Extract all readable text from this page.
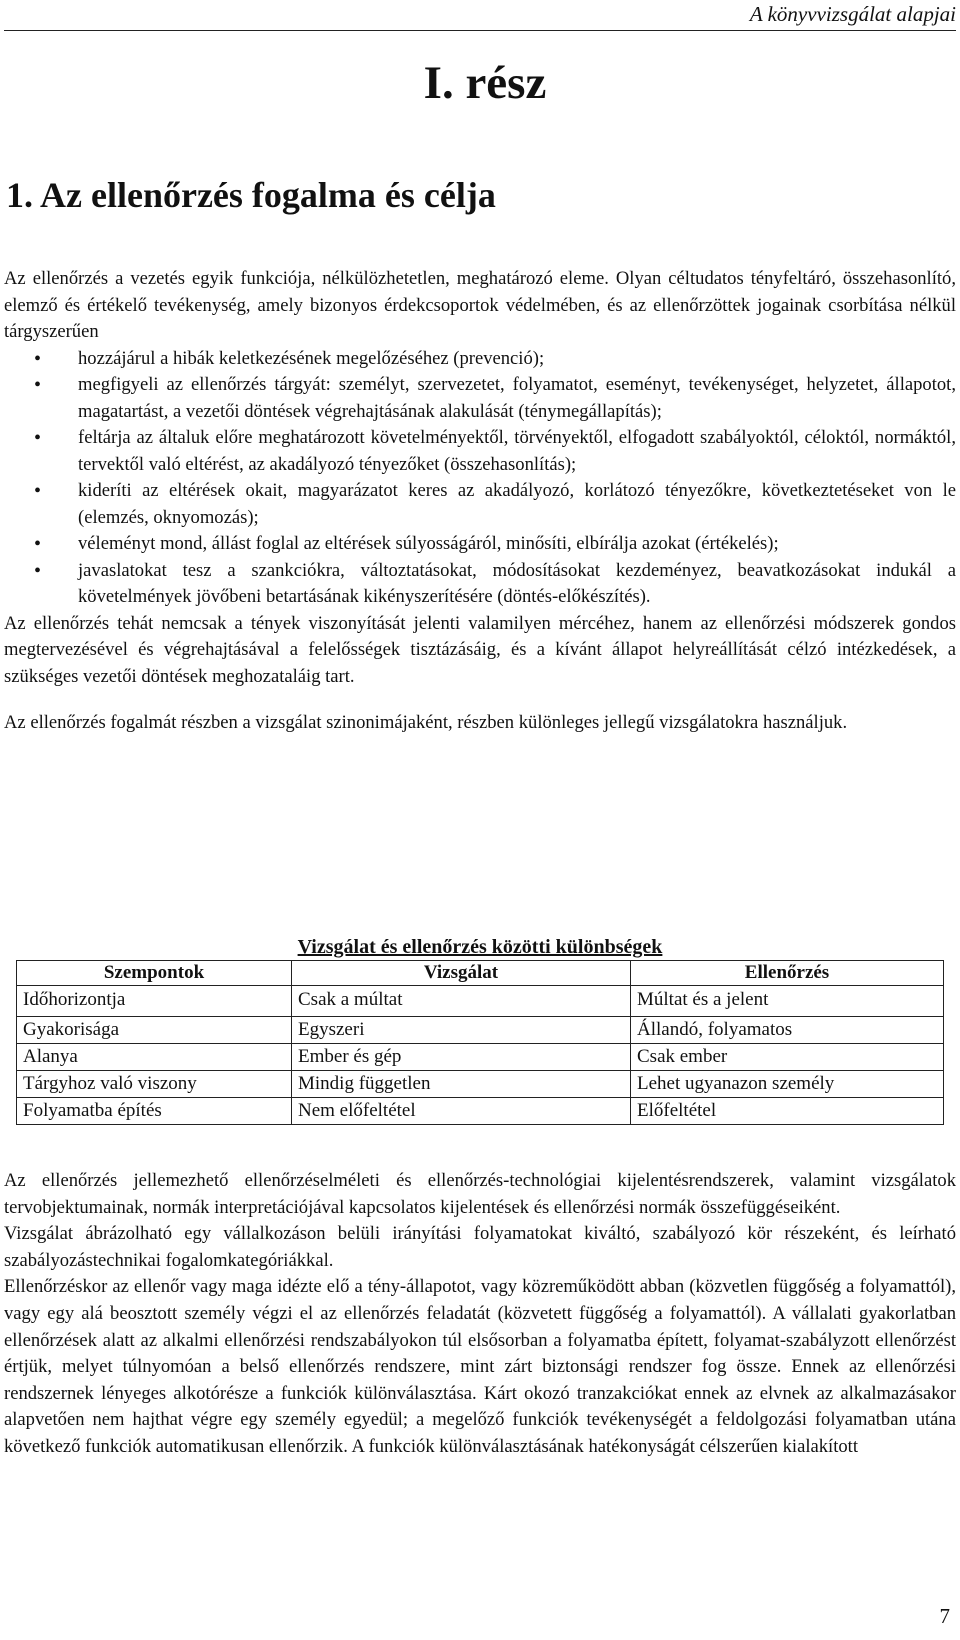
A könyvvizsgálat alapjai
I. rész
1. Az ellenőrzés fogalma és célja

Az ellenőrzés a vezetés egyik funkciója, nélkülözhetetlen, meghatározó eleme. Olyan céltudatos tényfeltáró, összehasonlító, elemző és értékelő tevékenység, amely bizonyos érdekcsoportok védelmében, és az ellenőrzöttek jogainak csorbítása nélkül tárgyszerűen

• hozzájárul a hibák keletkezésének megelőzéséhez (prevenció);
• megfigyeli az ellenőrzés tárgyát: személyt, szervezetet, folyamatot, eseményt, tevékenységet, helyzetet, állapotot, magatartást, a vezetői döntések végrehajtásának alakulását (ténymegállapítás);
• feltárja az általuk előre meghatározott követelményektől, törvényektől, elfogadott szabályoktól, céloktól, normáktól, tervektől való eltérést, az akadályozó tényezőket (összehasonlítás);
• kideríti az eltérések okait, magyarázatot keres az akadályozó, korlátozó tényezőkre, következtetéseket von le (elemzés, oknyomozás);
• véleményt mond, állást foglal az eltérések súlyosságáról, minősíti, elbírálja azokat (értékelés);
• javaslatokat tesz a szankciókra, változtatásokat, módosításokat kezdeményez, beavatkozásokat indukál a követelmények jövőbeni betartásának kikényszerítésére (döntés-előkészítés).

Az ellenőrzés tehát nemcsak a tények viszonyítását jelenti valamilyen mércéhez, hanem az ellenőrzési módszerek gondos megtervezésével és végrehajtásával a felelősségek tisztázásáig, és a kívánt állapot helyreállítását célzó intézkedések, a szükséges vezetői döntések meghozataláig tart.

Az ellenőrzés fogalmát részben a vizsgálat szinonimájaként, részben különleges jellegű vizsgálatokra használjuk.

Vizsgálat és ellenőrzés közötti különbségek
Szempontok	Vizsgálat	Ellenőrzés
Időhorizontja	Csak a múltat	Múltat és a jelent
Gyakorisága	Egyszeri	Állandó, folyamatos
Alanya	Ember és gép	Csak ember
Tárgyhoz való viszony	Mindig független	Lehet ugyanazon személy
Folyamatba építés	Nem előfeltétel	Előfeltétel

Az ellenőrzés jellemezhető ellenőrzéselméleti és ellenőrzés-technológiai kijelentésrendszerek, valamint vizsgálatok tervobjektumainak, normák interpretációjával kapcsolatos kijelentések és ellenőrzési normák összefüggéseiként.

Vizsgálat ábrázolható egy vállalkozáson belüli irányítási folyamatokat kiváltó, szabályozó kör részeként, és leírható szabályozástechnikai fogalomkategóriákkal.

Ellenőrzéskor az ellenőr vagy maga idézte elő a tény-állapotot, vagy közreműködött abban (közvetlen függőség a folyamattól), vagy egy alá beosztott személy végzi el az ellenőrzés feladatát (közvetett függőség a folyamattól). A vállalati gyakorlatban ellenőrzések alatt az alkalmi ellenőrzési rendszabályokon túl elsősorban a folyamatba épített, folyamat-szabályzott ellenőrzést értjük, melyet túlnyomóan a belső ellenőrzés rendszere, mint zárt biztonsági rendszer fog össze. Ennek az ellenőrzési rendszernek lényeges alkotórésze a funkciók különválasztása. Kárt okozó tranzakciókat ennek az elvnek az alkalmazásakor alapvetően nem hajthat végre egy személy egyedül; a megelőző funkciók tevékenységét a feldolgozási folyamatban utána következő funkciók automatikusan ellenőrzik. A funkciók különválasztásának hatékonyságát célszerűen kialakított

7
